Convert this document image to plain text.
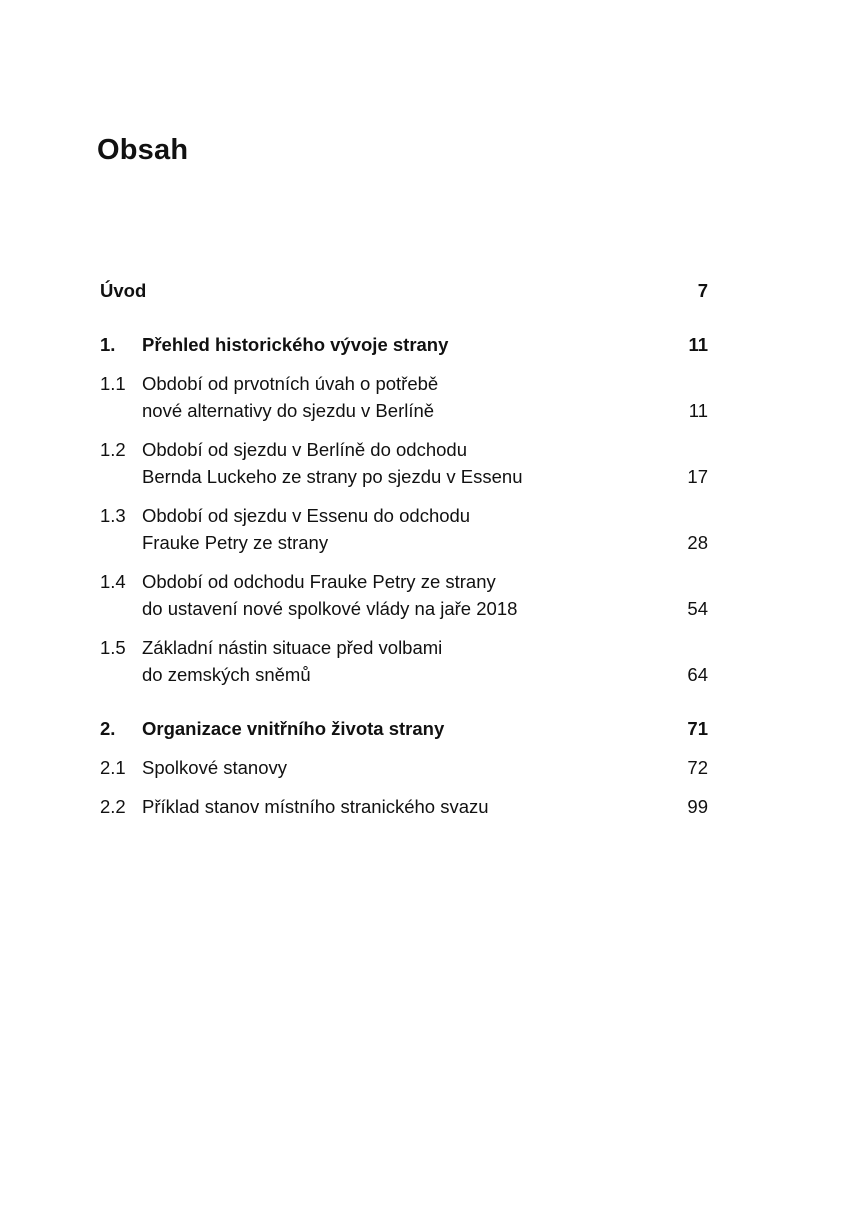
Obsah
Úvod	7
1.	Přehled historického vývoje strany	11
1.1 Období od prvotních úvah o potřebě
nové alternativy do sjezdu v Berlíně	11
1.2 Období od sjezdu v Berlíně do odchodu
Bernda Luckeho ze strany po sjezdu v Essenu	17
1.3 Období od sjezdu v Essenu do odchodu
Frauke Petry ze strany	28
1.4 Období od odchodu Frauke Petry ze strany
do ustavení nové spolkové vlády na jaře 2018	54
1.5 Základní nástin situace před volbami
do zemských sněmů	64
2.	Organizace vnitřního života strany	71
2.1 Spolkové stanovy	72
2.2 Příklad stanov místního stranického svazu	99
